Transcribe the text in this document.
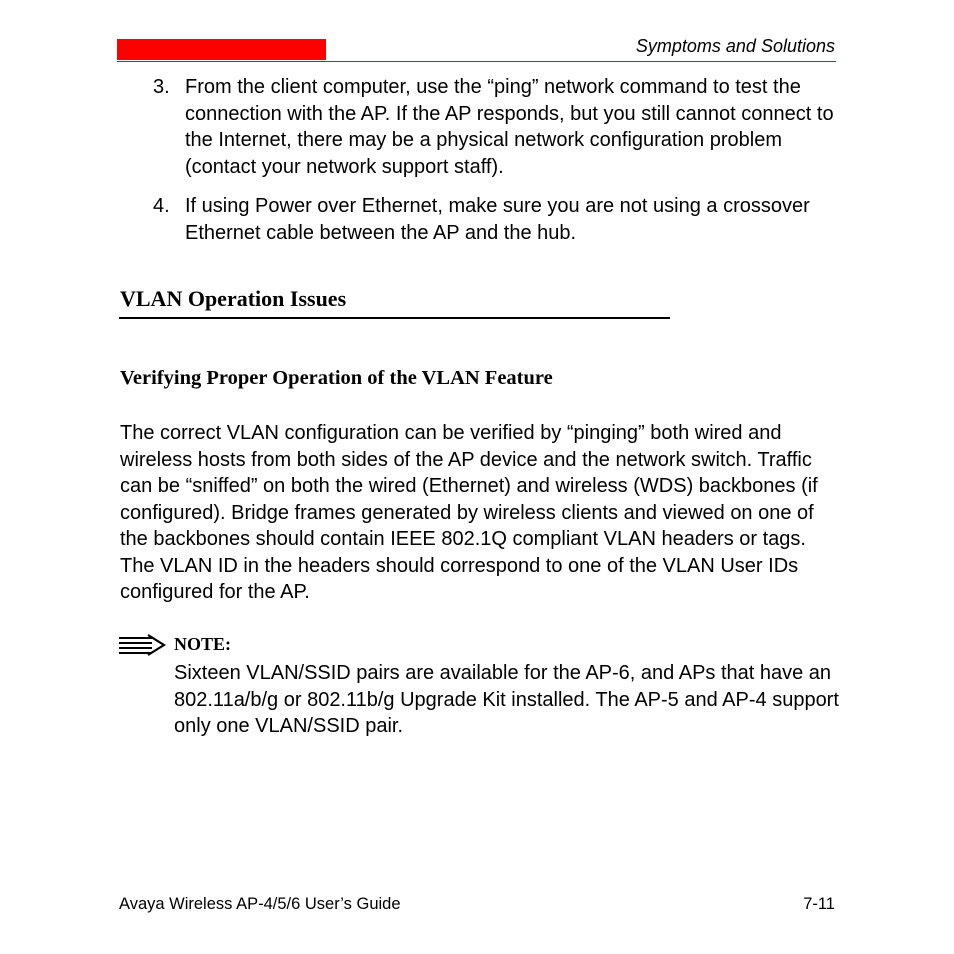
Symptoms and Solutions
3. From the client computer, use the “ping” network command to test the connection with the AP. If the AP responds, but you still cannot connect to the Internet, there may be a physical network configuration problem (contact your network support staff).
4. If using Power over Ethernet, make sure you are not using a crossover Ethernet cable between the AP and the hub.
VLAN Operation Issues
Verifying Proper Operation of the VLAN Feature
The correct VLAN configuration can be verified by “pinging” both wired and wireless hosts from both sides of the AP device and the network switch. Traffic can be “sniffed” on both the wired (Ethernet) and wireless (WDS) backbones (if configured). Bridge frames generated by wireless clients and viewed on one of the backbones should contain IEEE 802.1Q compliant VLAN headers or tags. The VLAN ID in the headers should correspond to one of the VLAN User IDs configured for the AP.
NOTE:
Sixteen VLAN/SSID pairs are available for the AP-6, and APs that have an 802.11a/b/g or 802.11b/g Upgrade Kit installed. The AP-5 and AP-4 support only one VLAN/SSID pair.
Avaya Wireless AP-4/5/6 User’s Guide	7-11
